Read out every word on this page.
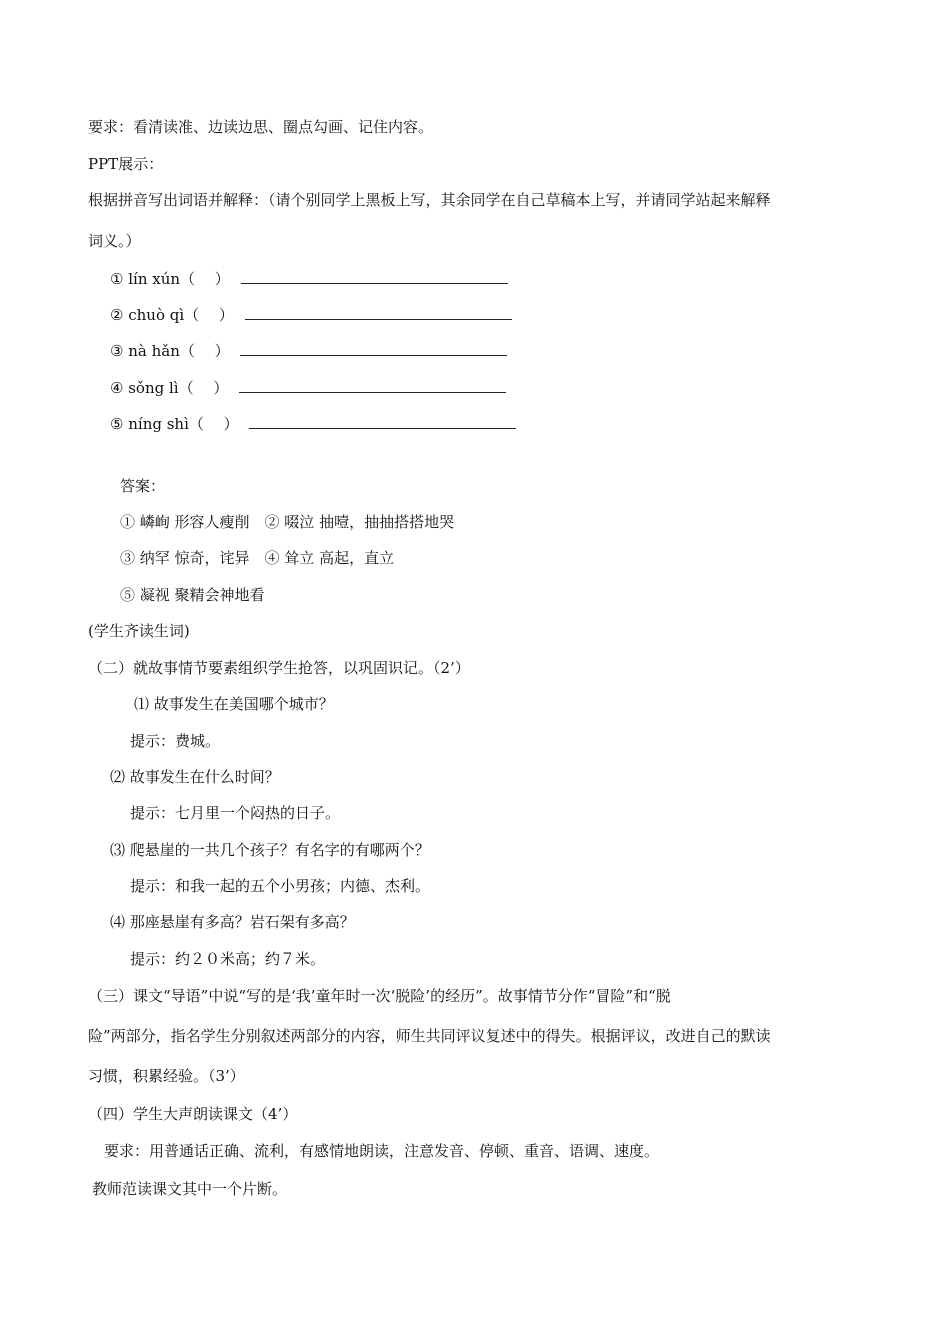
要求：看清读准、边读边思、圈点勾画、记住内容。
PPT展示：
根据拼音写出词语并解释：（请个别同学上黑板上写，其余同学在自己草稿本上写，并请同学站起来解释
词义。）
① lín xún（　 ）
② chuò qì（　 ）
③ nà hǎn（　 ）
④ sǒng lì（　 ）
⑤ níng shì（　 ）
答案：
① 嶙峋 形容人瘦削　② 啜泣 抽噎，抽抽搭搭地哭
③ 纳罕 惊奇，诧异　④ 耸立 高起，直立
⑤ 凝视 聚精会神地看
(学生齐读生词)
（二）就故事情节要素组织学生抢答，以巩固识记。（2’）
⑴ 故事发生在美国哪个城市？
提示：费城。
⑵ 故事发生在什么时间？
提示：七月里一个闷热的日子。
⑶ 爬悬崖的一共几个孩子？有名字的有哪两个？
提示：和我一起的五个小男孩；内德、杰利。
⑷ 那座悬崖有多高？岩石架有多高？
提示：约２０米高；约７米。
（三）课文“导语”中说“写的是‘我’童年时一次‘脱险’的经历”。故事情节分作“冒险”和“脱
险”两部分，指名学生分别叙述两部分的内容，师生共同评议复述中的得失。根据评议，改进自己的默读
习惯，积累经验。（3’）
（四）学生大声朗读课文（4’）
要求：用普通话正确、流利，有感情地朗读，注意发音、停顿、重音、语调、速度。
教师范读课文其中一个片断。
